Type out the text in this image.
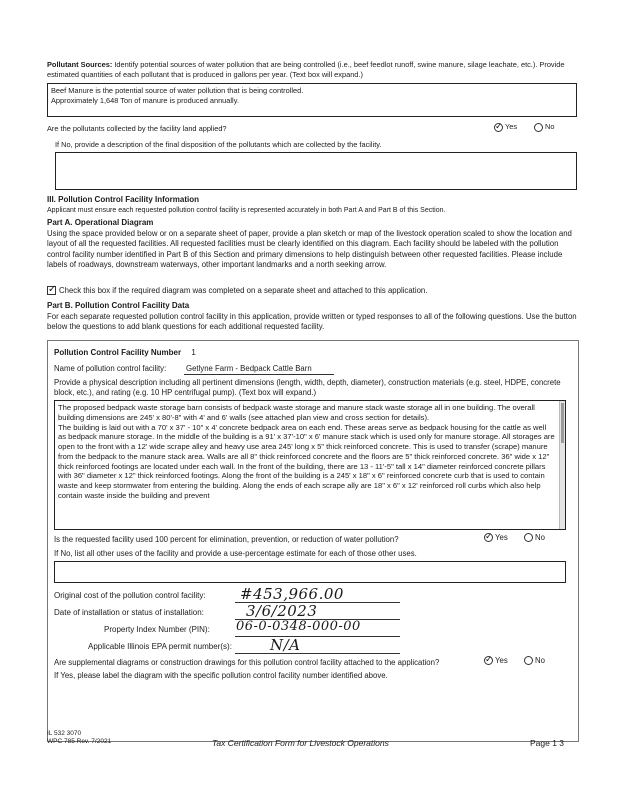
Pollutant Sources: Identify potential sources of water pollution that are being controlled (i.e., beef feedlot runoff, swine manure, silage leachate, etc.). Provide estimated quantities of each pollutant that is produced in gallons per year. (Text box will expand.)

Beef Manure is the potential source of water pollution that is being controlled.

Approximately 1,648 Ton of manure is produced annually.

Are the pollutants collected by the facility land applied? ✓	Yes	No
If No, provide a description of the final disposition of the pollutants which are collected by the facility.
III. Pollution Control Facility Information
Applicant must ensure each requested pollution control facility is represented accurately in both Part A and Part B of this Section.
Part A. Operational Diagram
Using the space provided below or on a separate sheet of paper, provide a plan sketch or map of the livestock operation scaled to show the location and layout of all the requested facilities. All requested facilities must be clearly identified on this diagram. Each facility should be labeled with the pollution control facility number identified in Part B of this Section and primary dimensions to help distinguish between other requested facilities. Please include labels of roadways, downstream waterways, other important landmarks and a north seeking arrow.
✓Check this box if the required diagram was completed on a separate sheet and attached to this application.
Part B. Pollution Control Facility Data
For each separate requested pollution control facility in this application, provide written or typed responses to all of the following questions. Use the button below the questions to add blank questions for each additional requested facility.
Pollution Control Facility Number 1
Name of pollution control facility:	Getlyne Farm - Bedpack Cattle Barn
Provide a physical description including all pertinent dimensions (length, width, depth, diameter), construction materials (e.g. steel, HDPE, concrete block, etc.), and rating (e.g. 10 HP centrifugal pump). (Text box will expand.)

The proposed bedpack waste storage barn consists of bedpack waste storage and manure stack waste storage all in one building. The overall building dimensions are 245' x 80'-8" with 4' and 6' walls (see attached plan view and cross section for details).
The building is laid out with a 70' x 37' - 10" x 4' concrete bedpack area on each end. These areas serve as bedpack housing for the cattle as well as bedpack manure storage. In the middle of the building is a 91' x 37'-10" x 6' manure stack which is used only for manure storage. All storages are open to the front with a 12' wide scrape alley and heavy use area 245' long x 5" thick reinforced concrete. This is used to transfer (scrape) manure from the bedpack to the manure stack area. Walls are all 8" thick reinforced concrete and the floors are 5" thick reinforced concrete. 36" wide x 12" thick reinforced footings are located under each wall. In the front of the building, there are 13 - 11'-5" tall x 14" diameter reinforced concrete pillars with 36" diameter x 12" thick reinforced footings. Along the front of the building is a 245' x 18" x 6" reinforced concrete curb that is used to contain waste and keep stormwater from entering the building. Along the ends of each scrape ally are 18" x 6" x 12' reinforced roll curbs which also help contain waste inside the building and prevent

Is the requested facility used 100 percent for elimination, prevention, or reduction of water pollution? ✓	Yes	No
If No, list all other uses of the facility and provide a use-percentage estimate for each of those other uses.
Original cost of the pollution control facility: #453,966.00
Date of installation or status of installation:	3/6/2023
Property Index Number (PIN): 06-0-0348-000-00
Applicable Illinois EPA permit number(s):	N/A
Are supplemental diagrams or construction drawings for this pollution control facility attached to the application? ✓	Yes	No
If Yes, please label the diagram with the specific pollution control facility number identified above.
IL 532 3070
WPC 785 Rev. 7/2021	Tax Certification Form for Livestock Operations	Page 1 3
